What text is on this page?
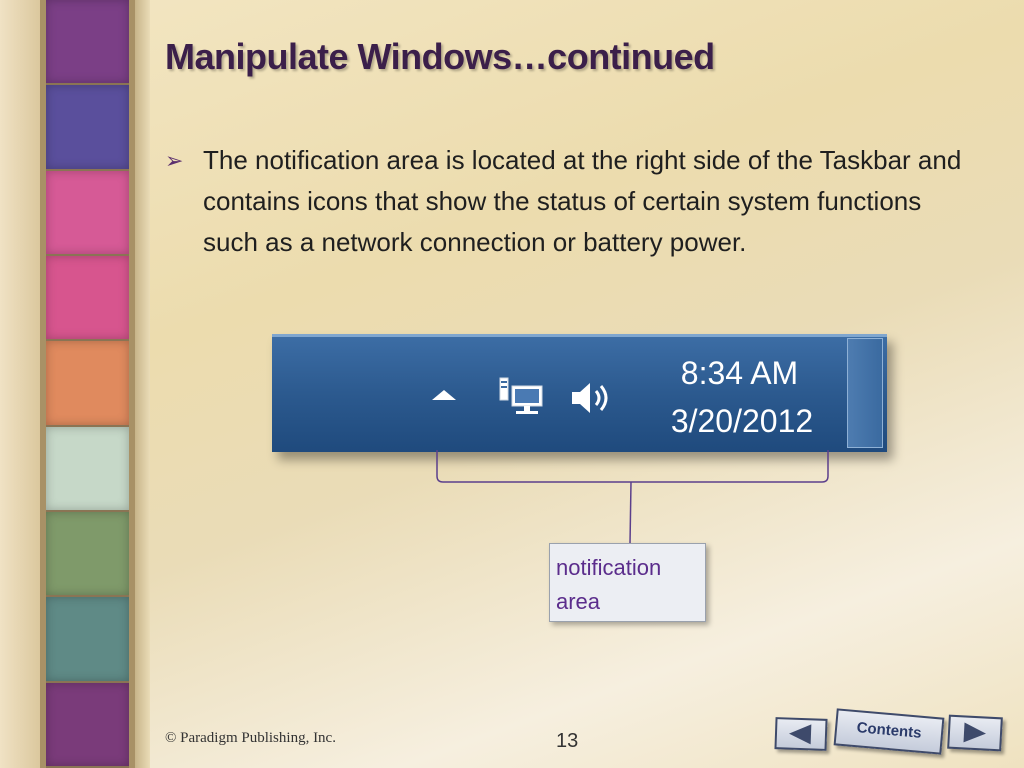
Manipulate Windows…continued
➢ The notification area is located at the right side of the Taskbar and contains icons that show the status of certain system functions such as a network connection or battery power.
8:34 AM
3/20/2012
notification
area
© Paradigm Publishing, Inc.	13	Contents
